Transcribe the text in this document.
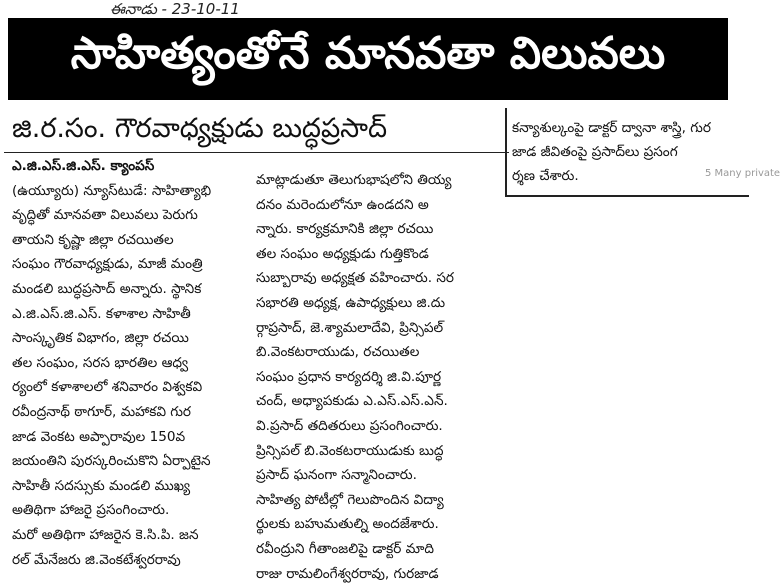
ఈనాడు - 23-10-11
సాహిత్యంతోనే మానవతా విలువలు
జి.ర.సం. గౌరవాధ్యక్షుడు బుద్ధప్రసాద్
ఎ.జి.ఎస్.జి.ఎస్. క్యాంపస్
(ఉయ్యూరు) న్యూస్‌టుడే: సాహిత్యాభి
వృద్ధితో మానవతా విలువలు పెరుగు
తాయని కృష్ణా జిల్లా రచయితల
సంఘం గౌరవాధ్యక్షుడు, మాజీ మంత్రి
మండలి బుద్ధప్రసాద్ అన్నారు. స్థానిక
ఎ.జి.ఎస్.జి.ఎస్. కళాశాల సాహితీ
సాంస్కృతిక విభాగం, జిల్లా రచయి
తల సంఘం, సరస భారతిల ఆధ్వ
ర్యంలో కళాశాలలో శనివారం విశ్వకవి
రవీంద్రనాథ్ ఠాగూర్, మహాకవి గుర
జాడ వెంకట అప్పారావుల 150వ
జయంతిని పురస్కరించుకొని ఏర్పాటైన
సాహితీ సదస్సుకు మండలి ముఖ్య
అతిథిగా హాజరై ప్రసంగించారు.
మరో అతిథిగా హాజరైన కె.సి.పి. జన
రల్ మేనేజరు జి.వెంకటేశ్వరరావు
మాట్లాడుతూ తెలుగుభాషలోని తియ్య
దనం మరెందులోనూ ఉండదని అ
న్నారు. కార్యక్రమానికి జిల్లా రచయి
తల సంఘం అధ్యక్షుడు గుత్తికొండ
సుబ్బారావు అధ్యక్షత వహించారు. సర
సభారతి అధ్యక్ష, ఉపాధ్యక్షులు జి.దు
ర్గాప్రసాద్, జె.శ్యామలాదేవి, ప్రిన్సిపల్
బి.వెంకటరాయుడు, రచయితల
సంఘం ప్రధాన కార్యదర్శి జి.వి.పూర్ణ
చంద్, అధ్యాపకుడు ఎ.ఎస్.ఎస్.ఎన్.
వి.ప్రసాద్ తదితరులు ప్రసంగించారు.
ప్రిన్సిపల్ బి.వెంకటరాయుడుకు బుద్ధ
ప్రసాద్ ఘనంగా సన్మానించారు.
సాహిత్య పోటీల్లో గెలుపొందిన విద్యా
ర్థులకు బహుమతుల్ని అందజేశారు.
రవీంద్రుని గీతాంజలిపై డాక్టర్ మాది
రాజు రామలింగేశ్వరరావు, గురజాడ
కన్యాశుల్కంపై డాక్టర్ ద్వానా శాస్త్రి, గుర
జాడ జీవితంపై ప్రసాద్‌లు ప్రసంగ
ర్శణ చేశారు.	5 Many private
